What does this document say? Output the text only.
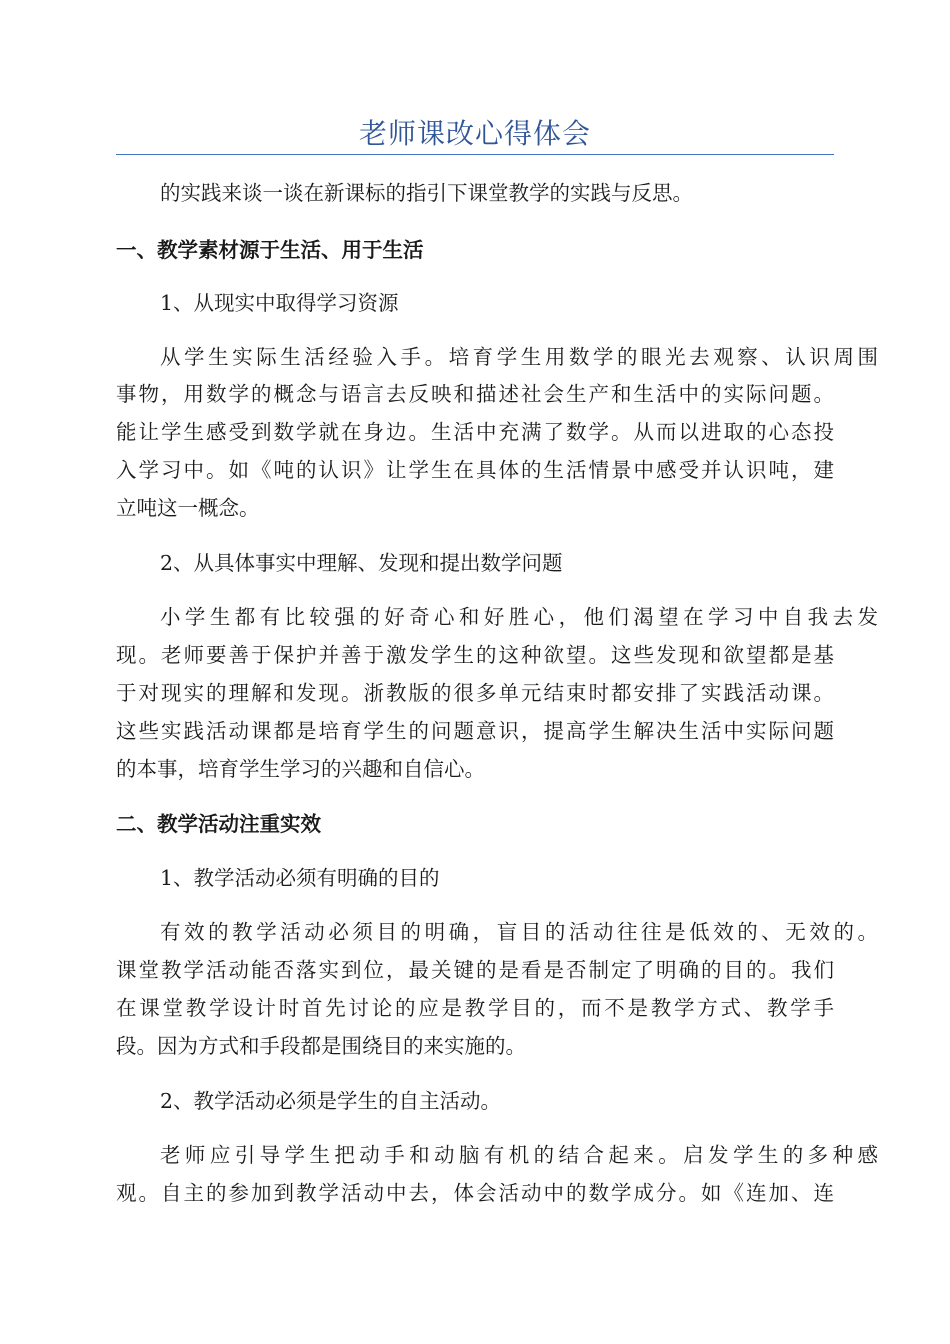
老师课改心得体会
的实践来谈一谈在新课标的指引下课堂教学的实践与反思。
一、教学素材源于生活、用于生活
1、从现实中取得学习资源
从学生实际生活经验入手。培育学生用数学的眼光去观察、认识周围
事物，用数学的概念与语言去反映和描述社会生产和生活中的实际问题。
能让学生感受到数学就在身边。生活中充满了数学。从而以进取的心态投
入学习中。如《吨的认识》让学生在具体的生活情景中感受并认识吨，建
立吨这一概念。
2、从具体事实中理解、发现和提出数学问题
小学生都有比较强的好奇心和好胜心，他们渴望在学习中自我去发
现。老师要善于保护并善于激发学生的这种欲望。这些发现和欲望都是基
于对现实的理解和发现。浙教版的很多单元结束时都安排了实践活动课。
这些实践活动课都是培育学生的问题意识，提高学生解决生活中实际问题
的本事，培育学生学习的兴趣和自信心。
二、教学活动注重实效
1、教学活动必须有明确的目的
有效的教学活动必须目的明确，盲目的活动往往是低效的、无效的。
课堂教学活动能否落实到位，最关键的是看是否制定了明确的目的。我们
在课堂教学设计时首先讨论的应是教学目的，而不是教学方式、教学手
段。因为方式和手段都是围绕目的来实施的。
2、教学活动必须是学生的自主活动。
老师应引导学生把动手和动脑有机的结合起来。启发学生的多种感
观。自主的参加到教学活动中去，体会活动中的数学成分。如《连加、连
